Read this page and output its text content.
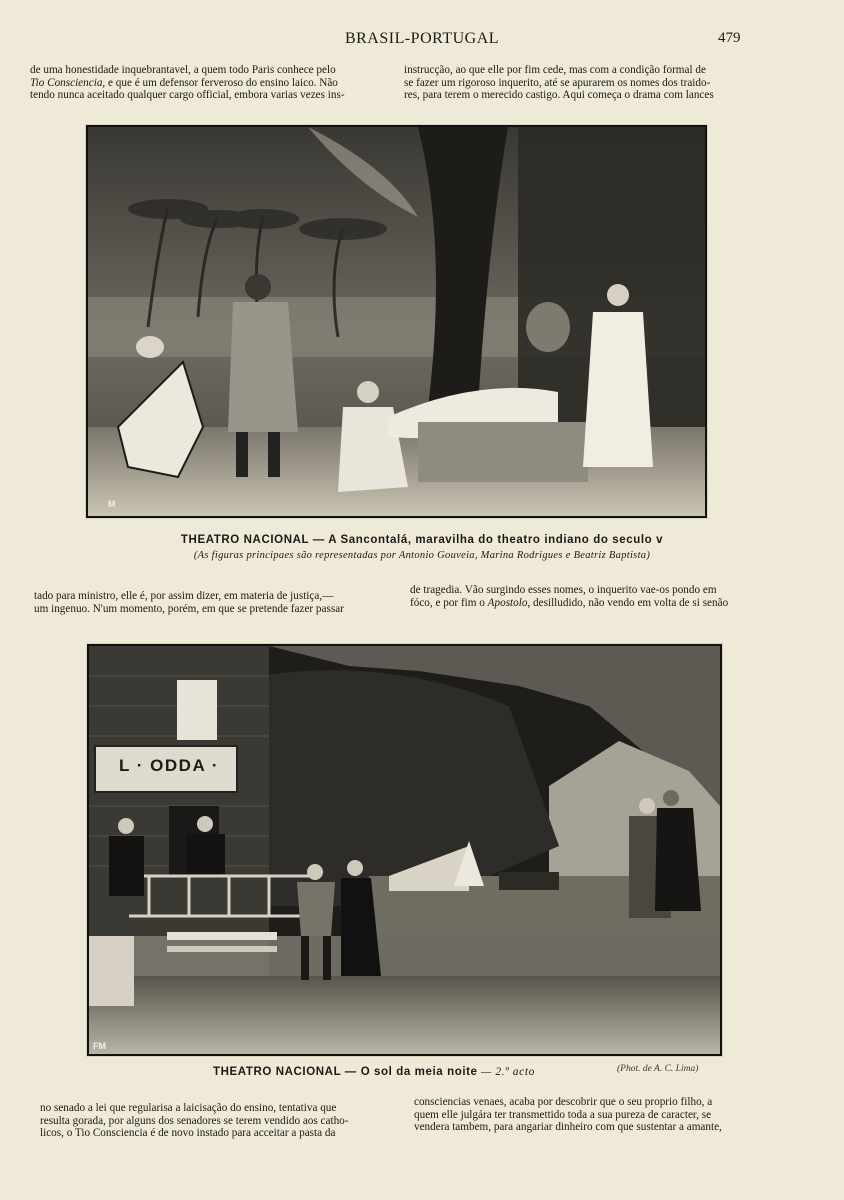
BRASIL-PORTUGAL	479
de uma honestidade inquebrantavel, a quem todo Paris conhece pelo
Tio Consciencia, e que é um defensor ferveroso do ensino laico. Não
tendo nunca aceitado qualquer cargo official, embora varias vezes ins-
instrucção, ao que elle por fim cede, mas com a condição formal de
se fazer um rigoroso inquerito, até se apurarem os nomes dos traido-
res, para terem o merecido castigo. Aqui começa o drama com lances
M
THEATRO NACIONAL — A Sancontalá, maravilha do theatro indiano do seculo v
(As figuras principaes são representadas por Antonio Gouveia, Marina Rodrigues e Beatriz Baptista)
tado para ministro, elle é, por assim dizer, em materia de justiça,—
um ingenuo. N'um momento, porém, em que se pretende fazer passar
de tragedia. Vão surgindo esses nomes, o inquerito vae-os pondo em
fóco, e por fim o Apostolo, desilludido, não vendo em volta de si senão
L · ODDA ·
FM
THEATRO NACIONAL — O sol da meia noite — 2.º acto	(Phot. de A. C. Lima)
no senado a lei que regularisa a laicisação do ensino, tentativa que
resulta gorada, por alguns dos senadores se terem vendido aos catho-
licos, o Tio Consciencia é de novo instado para acceitar a pasta da
consciencias venaes, acaba por descobrir que o seu proprio filho, a
quem elle julgára ter transmettido toda a sua pureza de caracter, se
vendera tambem, para angariar dinheiro com que sustentar a amante,
